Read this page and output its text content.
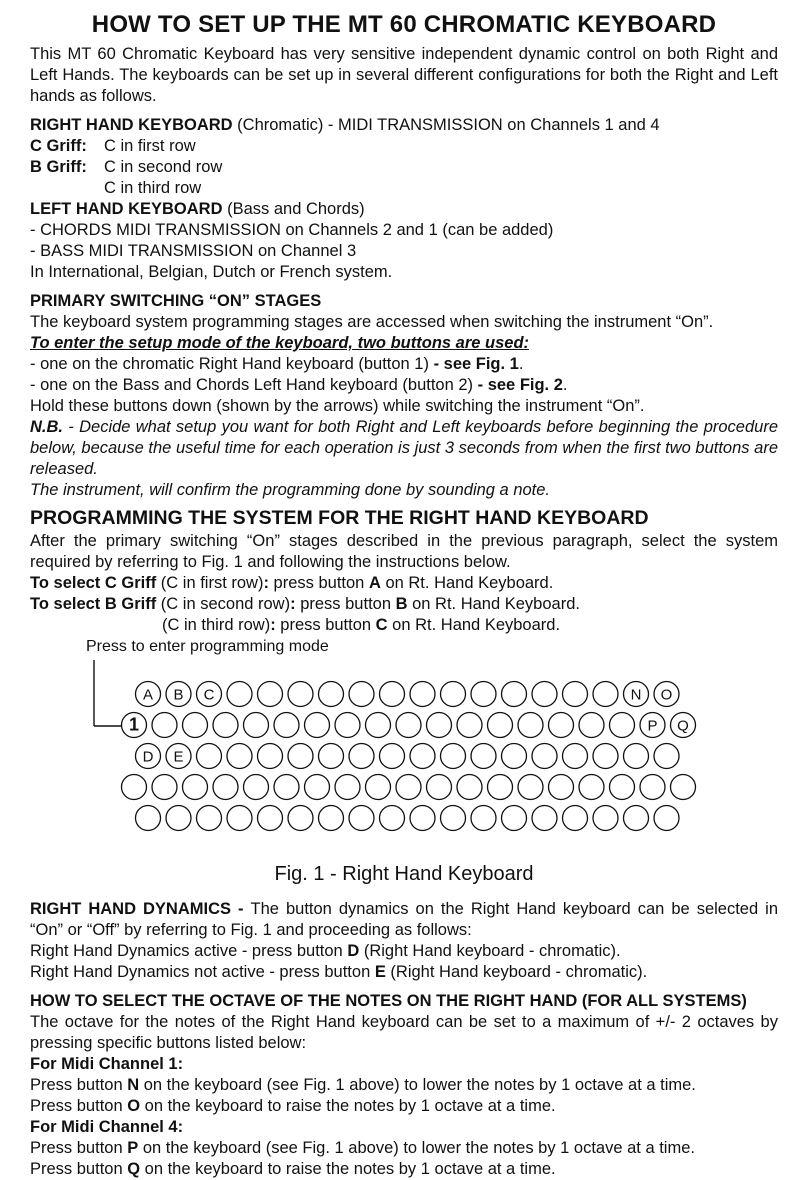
HOW TO SET UP THE MT 60 CHROMATIC KEYBOARD

This MT 60 Chromatic Keyboard has very sensitive independent dynamic control on both Right and Left Hands. The keyboards can be set up in several different configurations for both the Right and Left hands as follows.

RIGHT HAND KEYBOARD (Chromatic) - MIDI TRANSMISSION on Channels 1 and 4

C Griff: C in first row

B Griff: C in second row

C in third row

LEFT HAND KEYBOARD (Bass and Chords)

- CHORDS MIDI TRANSMISSION on Channels 2 and 1 (can be added)

- BASS MIDI TRANSMISSION on Channel 3

In International, Belgian, Dutch or French system.

PRIMARY SWITCHING “ON” STAGES

The keyboard system programming stages are accessed when switching the instrument “On”.

To enter the setup mode of the keyboard, two buttons are used:

- one on the chromatic Right Hand keyboard (button 1) - see Fig. 1.

- one on the Bass and Chords Left Hand keyboard (button 2) - see Fig. 2.

Hold these buttons down (shown by the arrows) while switching the instrument “On”.

N.B. - Decide what setup you want for both Right and Left keyboards before beginning the procedure below, because the useful time for each operation is just 3 seconds from when the first two buttons are released.

The instrument, will confirm the programming done by sounding a note.

PROGRAMMING THE SYSTEM FOR THE RIGHT HAND KEYBOARD

After the primary switching “On” stages described in the previous paragraph, select the system required by referring to Fig. 1 and following the instructions below.

To select C Griff (C in first row): press button A on Rt. Hand Keyboard.

To select B Griff (C in second row): press button B on Rt. Hand Keyboard.

(C in third row): press button C on Rt. Hand Keyboard.

Press to enter programming mode
A B C	N O
1	P Q
D E
Fig. 1 - Right Hand Keyboard

RIGHT HAND DYNAMICS - The button dynamics on the Right Hand keyboard can be selected in “On” or “Off” by referring to Fig. 1 and proceeding as follows:

Right Hand Dynamics active - press button D (Right Hand keyboard - chromatic).

Right Hand Dynamics not active - press button E (Right Hand keyboard - chromatic).

HOW TO SELECT THE OCTAVE OF THE NOTES ON THE RIGHT HAND (FOR ALL SYSTEMS)

The octave for the notes of the Right Hand keyboard can be set to a maximum of +/- 2 octaves by pressing specific buttons listed below:

For Midi Channel 1:

Press button N on the keyboard (see Fig. 1 above) to lower the notes by 1 octave at a time.

Press button O on the keyboard to raise the notes by 1 octave at a time.

For Midi Channel 4:

Press button P on the keyboard (see Fig. 1 above) to lower the notes by 1 octave at a time.

Press button Q on the keyboard to raise the notes by 1 octave at a time.
